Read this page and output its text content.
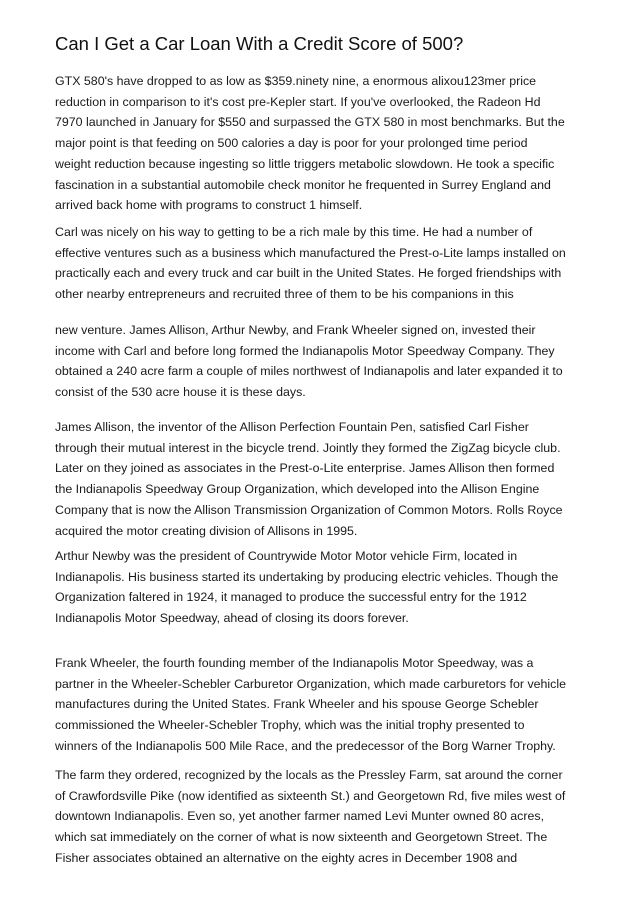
Can I Get a Car Loan With a Credit Score of 500?

GTX 580's have dropped to as low as $359.ninety nine, a enormous alixou123mer price
reduction in comparison to it's cost pre-Kepler start. If you've overlooked, the Radeon Hd
7970 launched in January for $550 and surpassed the GTX 580 in most benchmarks. But the
major point is that feeding on 500 calories a day is poor for your prolonged time period
weight reduction because ingesting so little triggers metabolic slowdown. He took a specific
fascination in a substantial automobile check monitor he frequented in Surrey England and
arrived back home with programs to construct 1 himself.

Carl was nicely on his way to getting to be a rich male by this time. He had a number of
effective ventures such as a business which manufactured the Prest-o-Lite lamps installed on
practically each and every truck and car built in the United States. He forged friendships with
other nearby entrepreneurs and recruited three of them to be his companions in this

new venture. James Allison, Arthur Newby, and Frank Wheeler signed on, invested their
income with Carl and before long formed the Indianapolis Motor Speedway Company. They
obtained a 240 acre farm a couple of miles northwest of Indianapolis and later expanded it to
consist of the 530 acre house it is these days.

James Allison, the inventor of the Allison Perfection Fountain Pen, satisfied Carl Fisher
through their mutual interest in the bicycle trend. Jointly they formed the ZigZag bicycle club.
Later on they joined as associates in the Prest-o-Lite enterprise. James Allison then formed
the Indianapolis Speedway Group Organization, which developed into the Allison Engine
Company that is now the Allison Transmission Organization of Common Motors. Rolls Royce
acquired the motor creating division of Allisons in 1995.

Arthur Newby was the president of Countrywide Motor Motor vehicle Firm, located in
Indianapolis. His business started its undertaking by producing electric vehicles. Though the
Organization faltered in 1924, it managed to produce the successful entry for the 1912
Indianapolis Motor Speedway, ahead of closing its doors forever.

Frank Wheeler, the fourth founding member of the Indianapolis Motor Speedway, was a
partner in the Wheeler-Schebler Carburetor Organization, which made carburetors for vehicle
manufactures during the United States. Frank Wheeler and his spouse George Schebler
commissioned the Wheeler-Schebler Trophy, which was the initial trophy presented to
winners of the Indianapolis 500 Mile Race, and the predecessor of the Borg Warner Trophy.

The farm they ordered, recognized by the locals as the Pressley Farm, sat around the corner
of Crawfordsville Pike (now identified as sixteenth St.) and Georgetown Rd, five miles west of
downtown Indianapolis. Even so, yet another farmer named Levi Munter owned 80 acres,
which sat immediately on the corner of what is now sixteenth and Georgetown Street. The
Fisher associates obtained an alternative on the eighty acres in December 1908 and
